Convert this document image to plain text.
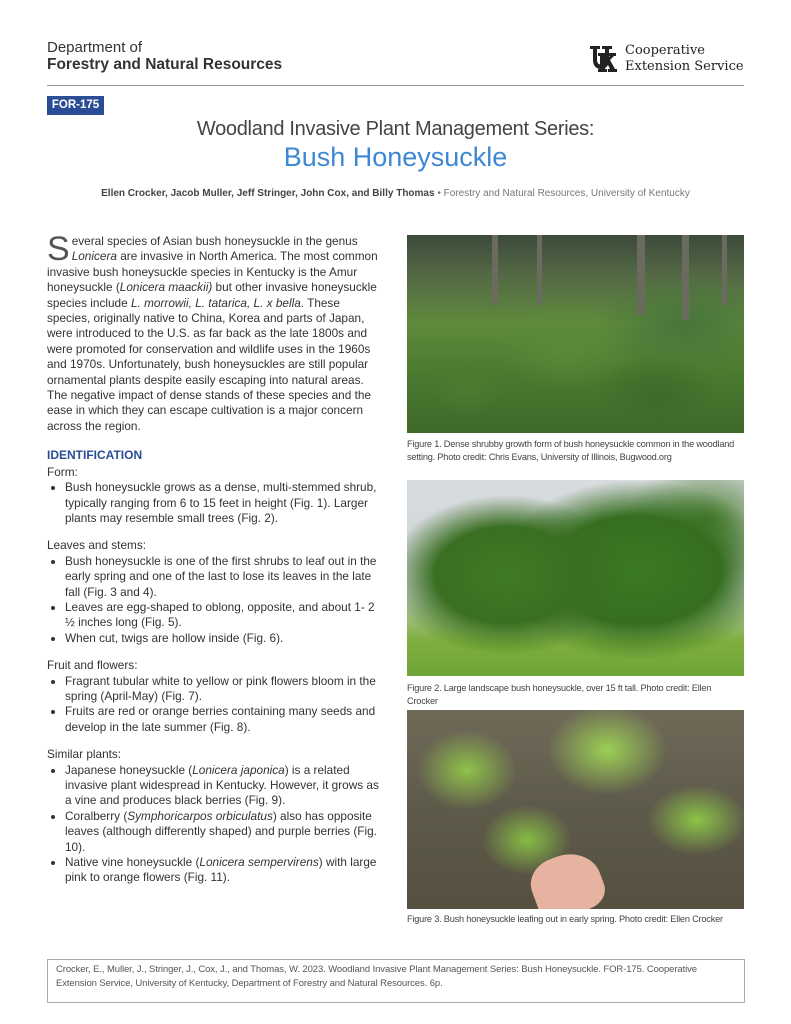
Department of
Forestry and Natural Resources
Cooperative
Extension Service
FOR-175
Woodland Invasive Plant Management Series:
Bush Honeysuckle
Ellen Crocker, Jacob Muller, Jeff Stringer, John Cox, and Billy Thomas • Forestry and Natural Resources, University of Kentucky

Several species of Asian bush honeysuckle in the genus Lonicera are invasive in North America. The most common invasive bush honeysuckle species in Kentucky is the Amur honeysuckle (Lonicera maackii) but other invasive honeysuckle species include L. morrowii, L. tatarica, L. x bella. These species, originally native to China, Korea and parts of Japan, were introduced to the U.S. as far back as the late 1800s and were promoted for conservation and wildlife uses in the 1960s and 1970s. Unfortunately, bush honeysuckles are still popular ornamental plants despite easily escaping into natural areas. The negative impact of dense stands of these species and the ease in which they can escape cultivation is a major concern across the region.

IDENTIFICATION
Form:
• Bush honeysuckle grows as a dense, multi-stemmed shrub, typically ranging from 6 to 15 feet in height (Fig. 1). Larger plants may resemble small trees (Fig. 2).
Leaves and stems:
• Bush honeysuckle is one of the first shrubs to leaf out in the early spring and one of the last to lose its leaves in the late fall (Fig. 3 and 4).
• Leaves are egg-shaped to oblong, opposite, and about 1- 2 ½ inches long (Fig. 5).
• When cut, twigs are hollow inside (Fig. 6).
Fruit and flowers:
• Fragrant tubular white to yellow or pink flowers bloom in the spring (April-May) (Fig. 7).
• Fruits are red or orange berries containing many seeds and develop in the late summer (Fig. 8).
Similar plants:
• Japanese honeysuckle (Lonicera japonica) is a related invasive plant widespread in Kentucky. However, it grows as a vine and produces black berries (Fig. 9).
• Coralberry (Symphoricarpos orbiculatus) also has opposite leaves (although differently shaped) and purple berries (Fig. 10).
• Native vine honeysuckle (Lonicera sempervirens) with large pink to orange flowers (Fig. 11).
Figure 1. Dense shrubby growth form of bush honeysuckle common in the woodland setting. Photo credit: Chris Evans, University of Illinois, Bugwood.org
Figure 2. Large landscape bush honeysuckle, over 15 ft tall. Photo credit: Ellen Crocker
Figure 3. Bush honeysuckle leafing out in early spring. Photo credit: Ellen Crocker
Crocker, E., Muller, J., Stringer, J., Cox, J., and Thomas, W. 2023. Woodland Invasive Plant Management Series: Bush Honeysuckle. FOR-175. Cooperative Extension Service, University of Kentucky, Department of Forestry and Natural Resources. 6p.
